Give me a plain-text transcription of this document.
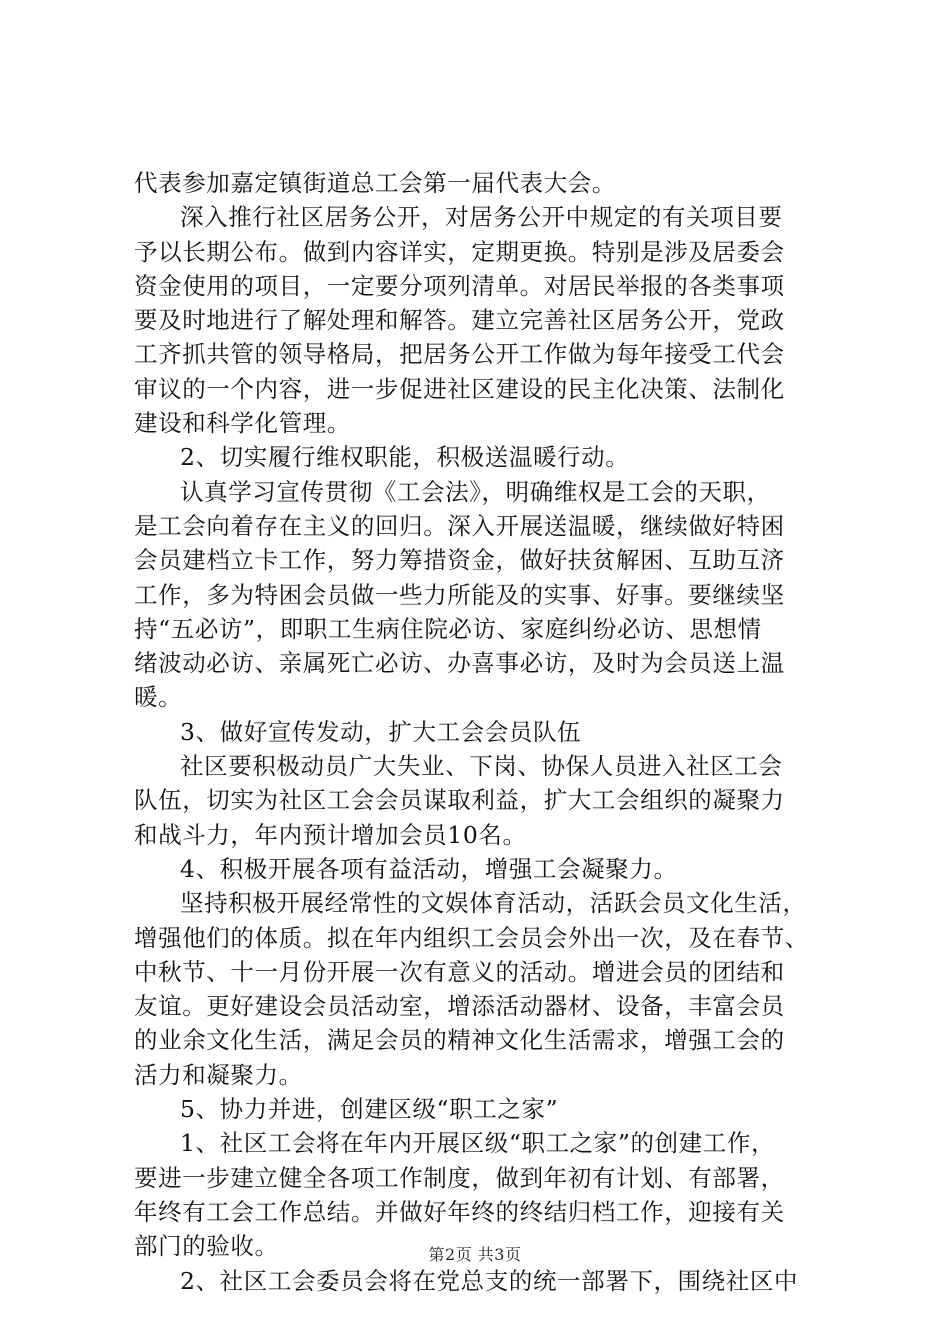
代表参加嘉定镇街道总工会第一届代表大会。
深入推行社区居务公开，对居务公开中规定的有关项目要
予以长期公布。做到内容详实，定期更换。特别是涉及居委会
资金使用的项目，一定要分项列清单。对居民举报的各类事项
要及时地进行了解处理和解答。建立完善社区居务公开，党政
工齐抓共管的领导格局，把居务公开工作做为每年接受工代会
审议的一个内容，进一步促进社区建设的民主化决策、法制化
建设和科学化管理。
2、切实履行维权职能，积极送温暖行动。
认真学习宣传贯彻《工会法》，明确维权是工会的天职，
是工会向着存在主义的回归。深入开展送温暖，继续做好特困
会员建档立卡工作，努力筹措资金，做好扶贫解困、互助互济
工作，多为特困会员做一些力所能及的实事、好事。要继续坚
持“五必访”，即职工生病住院必访、家庭纠纷必访、思想情
绪波动必访、亲属死亡必访、办喜事必访，及时为会员送上温
暖。
3、做好宣传发动，扩大工会会员队伍
社区要积极动员广大失业、下岗、协保人员进入社区工会
队伍，切实为社区工会会员谋取利益，扩大工会组织的凝聚力
和战斗力，年内预计增加会员10名。
4、积极开展各项有益活动，增强工会凝聚力。
坚持积极开展经常性的文娱体育活动，活跃会员文化生活，
增强他们的体质。拟在年内组织工会员会外出一次，及在春节、
中秋节、十一月份开展一次有意义的活动。增进会员的团结和
友谊。更好建设会员活动室，增添活动器材、设备，丰富会员
的业余文化生活，满足会员的精神文化生活需求，增强工会的
活力和凝聚力。
5、协力并进，创建区级“职工之家”
1、社区工会将在年内开展区级“职工之家”的创建工作，
要进一步建立健全各项工作制度，做到年初有计划、有部署，
年终有工会工作总结。并做好年终的终结归档工作，迎接有关
部门的验收。
2、社区工会委员会将在党总支的统一部署下，围绕社区中
第2页 共3页
